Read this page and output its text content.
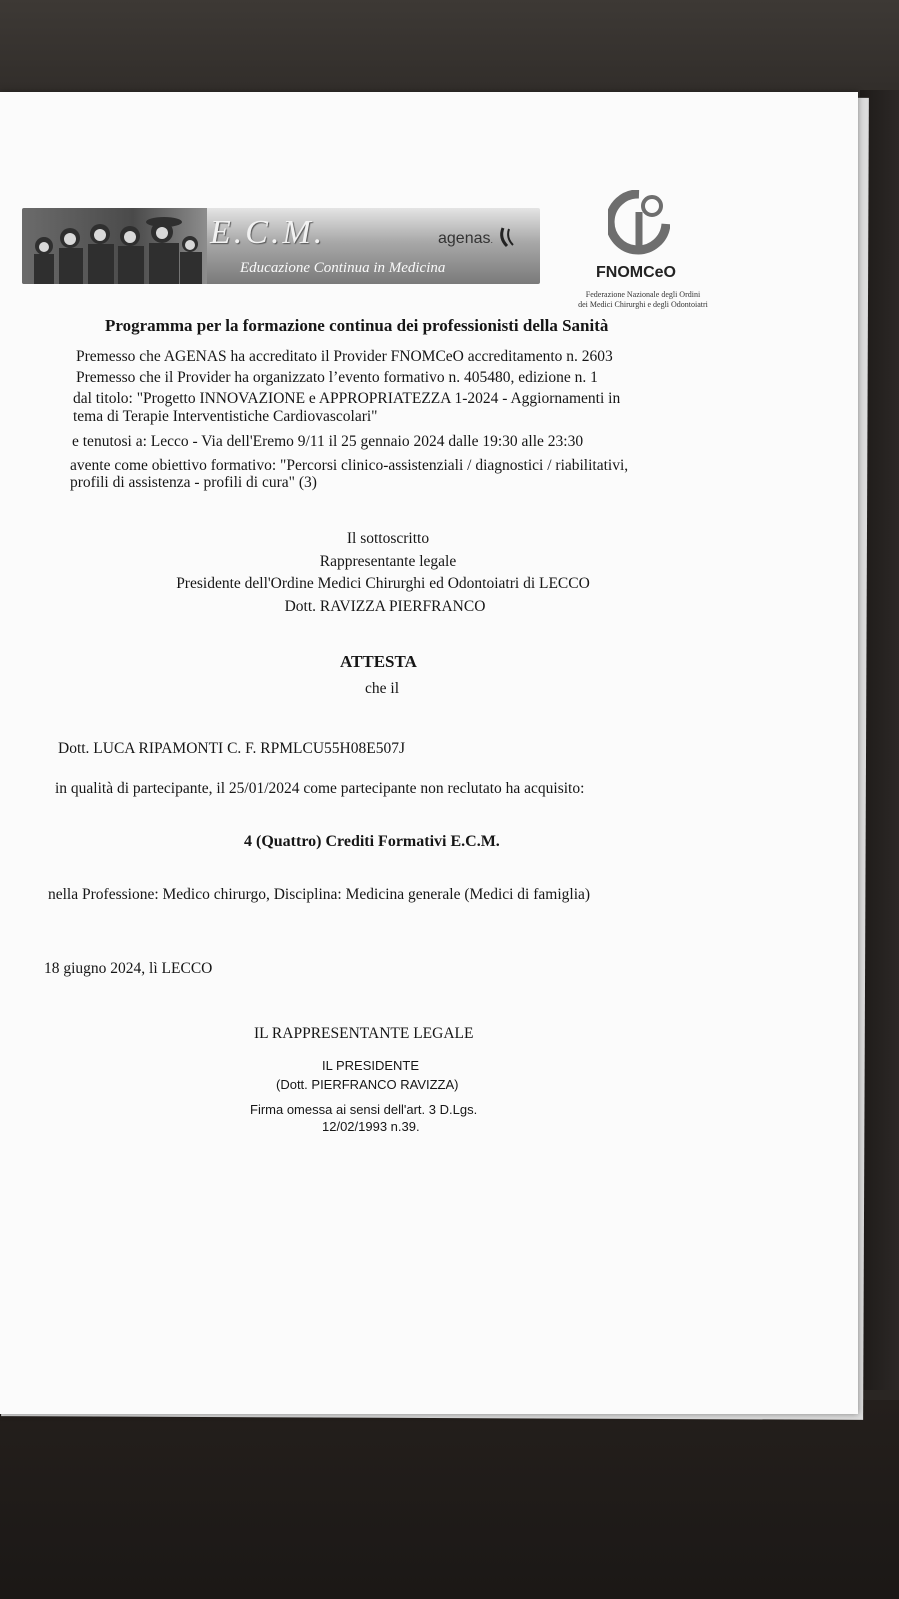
E.C.M.
Educazione Continua in Medicina
agenas.
FNOMCeO
Federazione Nazionale degli Ordini
dei Medici Chirurghi e degli Odontoiatri
Programma per la formazione continua dei professionisti della Sanità
Premesso che AGENAS ha accreditato il Provider FNOMCeO accreditamento n. 2603
Premesso che il Provider ha organizzato l’evento formativo n. 405480, edizione n. 1
dal titolo: "Progetto INNOVAZIONE e APPROPRIATEZZA 1-2024 - Aggiornamenti in
tema di Terapie Interventistiche Cardiovascolari"
e tenutosi a: Lecco - Via dell'Eremo 9/11 il 25 gennaio 2024 dalle 19:30 alle 23:30
avente come obiettivo formativo: "Percorsi clinico-assistenziali / diagnostici / riabilitativi,
profili di assistenza - profili di cura" (3)
Il sottoscritto
Rappresentante legale
Presidente dell'Ordine Medici Chirurghi ed Odontoiatri di LECCO
Dott. RAVIZZA PIERFRANCO
ATTESTA
che il
Dott. LUCA RIPAMONTI C. F. RPMLCU55H08E507J
in qualità di partecipante, il 25/01/2024 come partecipante non reclutato ha acquisito:
4 (Quattro) Crediti Formativi E.C.M.
nella Professione: Medico chirurgo, Disciplina: Medicina generale (Medici di famiglia)
18 giugno 2024, lì LECCO
IL RAPPRESENTANTE LEGALE
IL PRESIDENTE
(Dott. PIERFRANCO RAVIZZA)
Firma omessa ai sensi dell'art. 3 D.Lgs.
12/02/1993 n.39.
